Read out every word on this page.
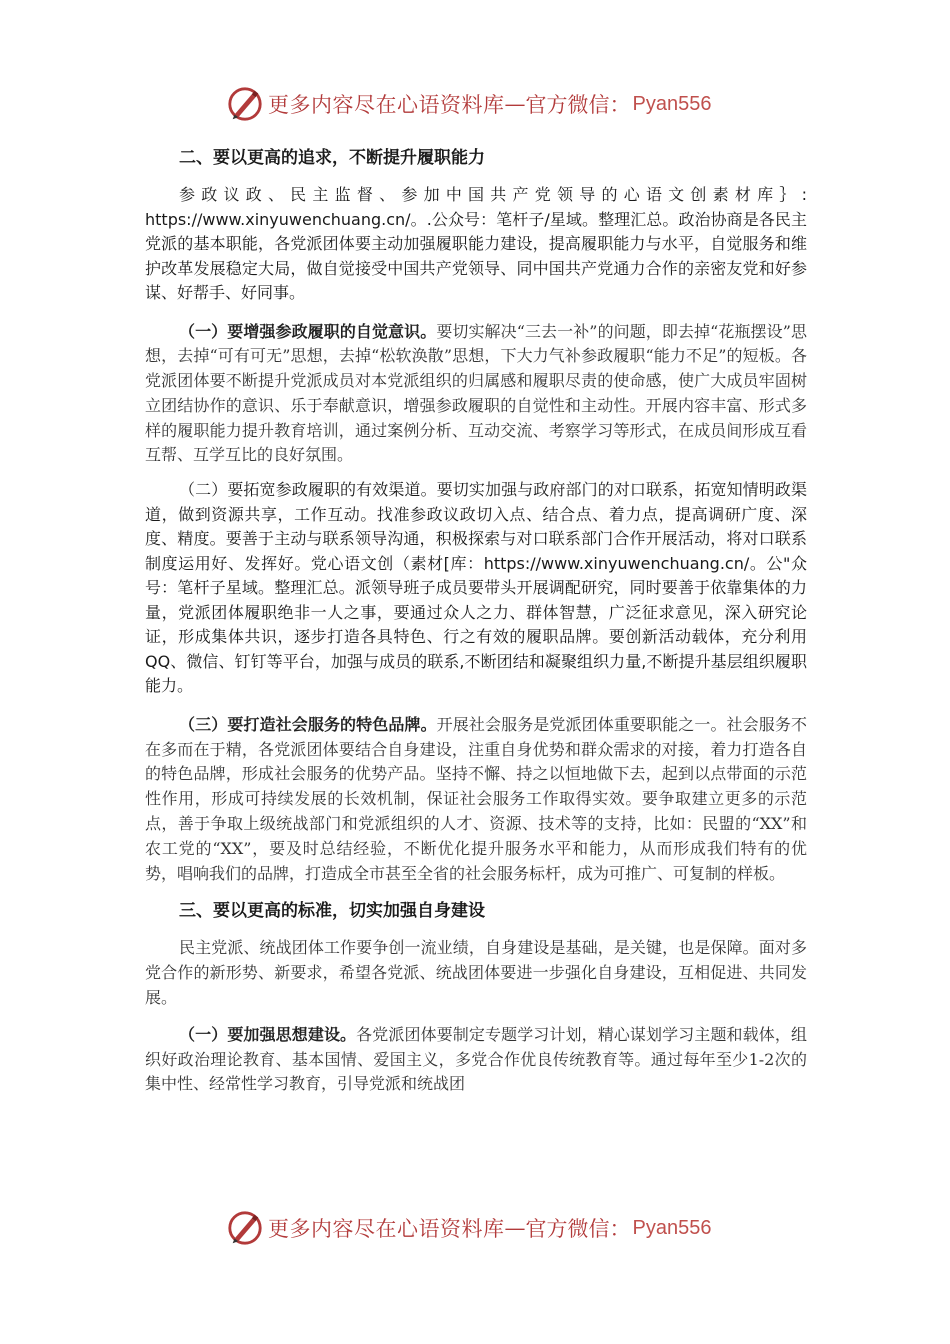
更多内容尽在心语资料库 — 官方微信： Pyan556
二、要以更高的追求，不断提升履职能力

参政议政、民主监督、参加中国共产党领导的心语文创素材库｝: https://www.xinyuwenchuang.cn/。.公众号：笔杆子/星域。整理汇总。政治协商是各民主党派的基本职能，各党派团体要主动加强履职能力建设，提高履职能力与水平，自觉服务和维护改革发展稳定大局，做自觉接受中国共产党领导、同中国共产党通力合作的亲密友党和好参谋、好帮手、好同事。

（一）要增强参政履职的自觉意识。要切实解决“三去一补”的问题，即去掉“花瓶摆设”思想，去掉“可有可无”思想，去掉“松软涣散”思想，下大力气补参政履职“能力不足”的短板。各党派团体要不断提升党派成员对本党派组织的归属感和履职尽责的使命感，使广大成员牢固树立团结协作的意识、乐于奉献意识，增强参政履职的自觉性和主动性。开展内容丰富、形式多样的履职能力提升教育培训，通过案例分析、互动交流、考察学习等形式，在成员间形成互看互帮、互学互比的良好氛围。

（二）要拓宽参政履职的有效渠道。要切实加强与政府部门的对口联系，拓宽知情明政渠道，做到资源共享，工作互动。找准参政议政切入点、结合点、着力点，提高调研广度、深度、精度。要善于主动与联系领导沟通，积极探索与对口联系部门合作开展活动，将对口联系制度运用好、发挥好。党心语文创（素材[库：https://www.xinyuwenchuang.cn/。公"众号：笔杆子星域。整理汇总。派领导班子成员要带头开展调配研究，同时要善于依靠集体的力量，党派团体履职绝非一人之事，要通过众人之力、群体智慧，广泛征求意见，深入研究论证，形成集体共识，逐步打造各具特色、行之有效的履职品牌。要创新活动载体，充分利用QQ、微信、钉钉等平台，加强与成员的联系,不断团结和凝聚组织力量,不断提升基层组织履职能力。

（三）要打造社会服务的特色品牌。开展社会服务是党派团体重要职能之一。社会服务不在多而在于精，各党派团体要结合自身建设，注重自身优势和群众需求的对接，着力打造各自的特色品牌，形成社会服务的优势产品。坚持不懈、持之以恒地做下去，起到以点带面的示范性作用，形成可持续发展的长效机制，保证社会服务工作取得实效。要争取建立更多的示范点，善于争取上级统战部门和党派组织的人才、资源、技术等的支持，比如：民盟的“XX”和农工党的“XX”，要及时总结经验，不断优化提升服务水平和能力，从而形成我们特有的优势，唱响我们的品牌，打造成全市甚至全省的社会服务标杆，成为可推广、可复制的样板。

三、要以更高的标准，切实加强自身建设

民主党派、统战团体工作要争创一流业绩，自身建设是基础，是关键，也是保障。面对多党合作的新形势、新要求，希望各党派、统战团体要进一步强化自身建设，互相促进、共同发展。

（一）要加强思想建设。各党派团体要制定专题学习计划，精心谋划学习主题和载体，组织好政治理论教育、基本国情、爱国主义，多党合作优良传统教育等。通过每年至少1-2次的集中性、经常性学习教育，引导党派和统战团

更多内容尽在心语资料库 — 官方微信： Pyan556
